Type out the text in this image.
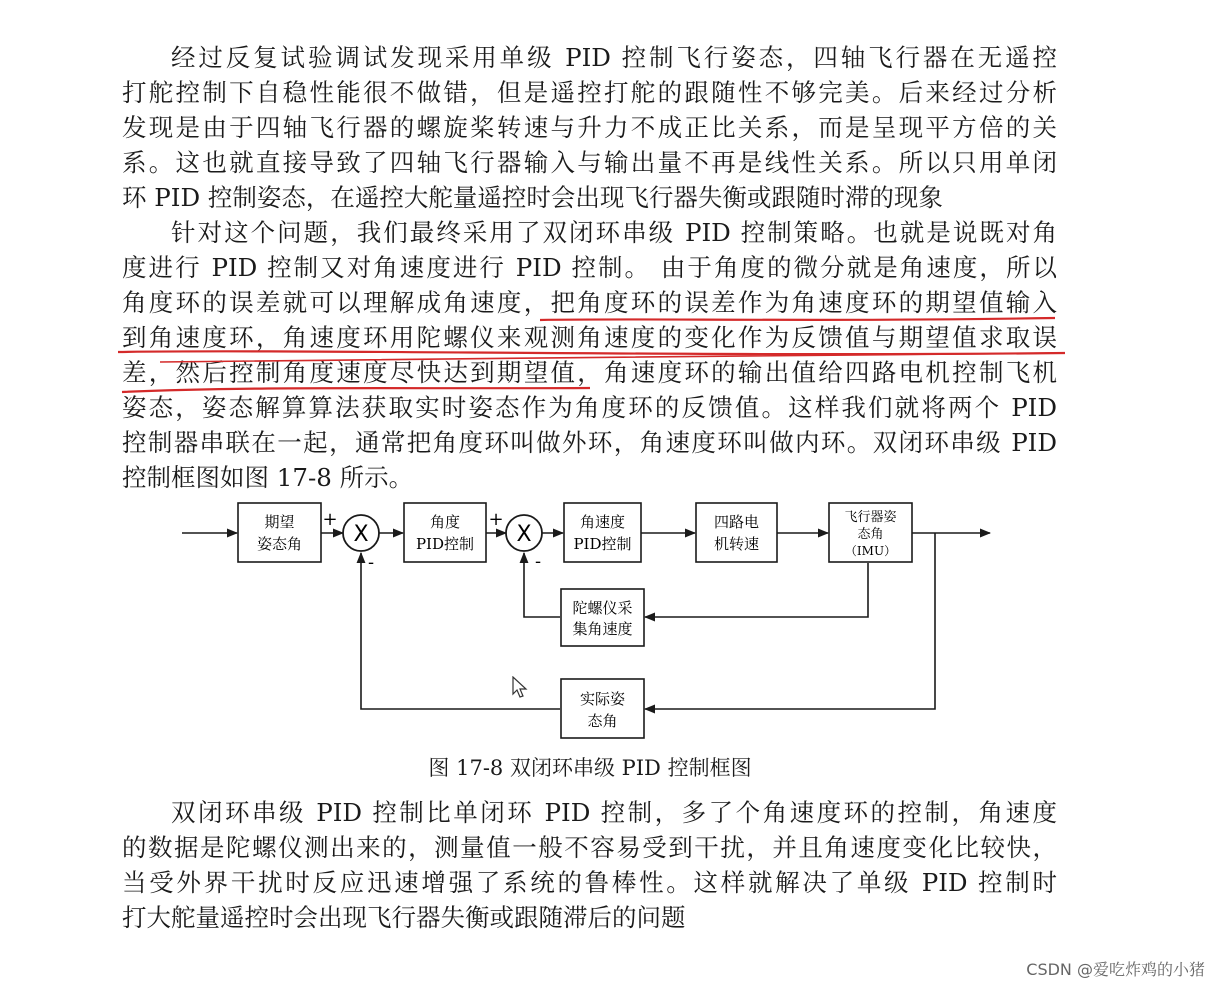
经过反复试验调试发现采用单级 PID 控制飞行姿态，四轴飞行器在无遥控
打舵控制下自稳性能很不做错，但是遥控打舵的跟随性不够完美。后来经过分析
发现是由于四轴飞行器的螺旋桨转速与升力不成正比关系，而是呈现平方倍的关
系。这也就直接导致了四轴飞行器输入与输出量不再是线性关系。所以只用单闭
环 PID 控制姿态，在遥控大舵量遥控时会出现飞行器失衡或跟随时滞的现象
针对这个问题，我们最终采用了双闭环串级 PID 控制策略。也就是说既对角
度进行 PID 控制又对角速度进行 PID 控制。 由于角度的微分就是角速度，所以
角度环的误差就可以理解成角速度，把角度环的误差作为角速度环的期望值输入
到角速度环，角速度环用陀螺仪来观测角速度的变化作为反馈值与期望值求取误
差，然后控制角度速度尽快达到期望值，角速度环的输出值给四路电机控制飞机
姿态，姿态解算算法获取实时姿态作为角度环的反馈值。这样我们就将两个 PID
控制器串联在一起，通常把角度环叫做外环，角速度环叫做内环。双闭环串级 PID
控制框图如图 17-8 所示。
期望
姿态角
角度
PID控制
角速度
PID控制
四路电
机转速
飞行器姿
态角
（IMU）
陀螺仪采
集角速度
实际姿
态角
X
+
-
X
+
-
图 17-8 双闭环串级 PID 控制框图
双闭环串级 PID 控制比单闭环 PID 控制，多了个角速度环的控制，角速度
的数据是陀螺仪测出来的，测量值一般不容易受到干扰，并且角速度变化比较快，
当受外界干扰时反应迅速增强了系统的鲁棒性。这样就解决了单级 PID 控制时
打大舵量遥控时会出现飞行器失衡或跟随滞后的问题
CSDN @爱吃炸鸡的小猪
